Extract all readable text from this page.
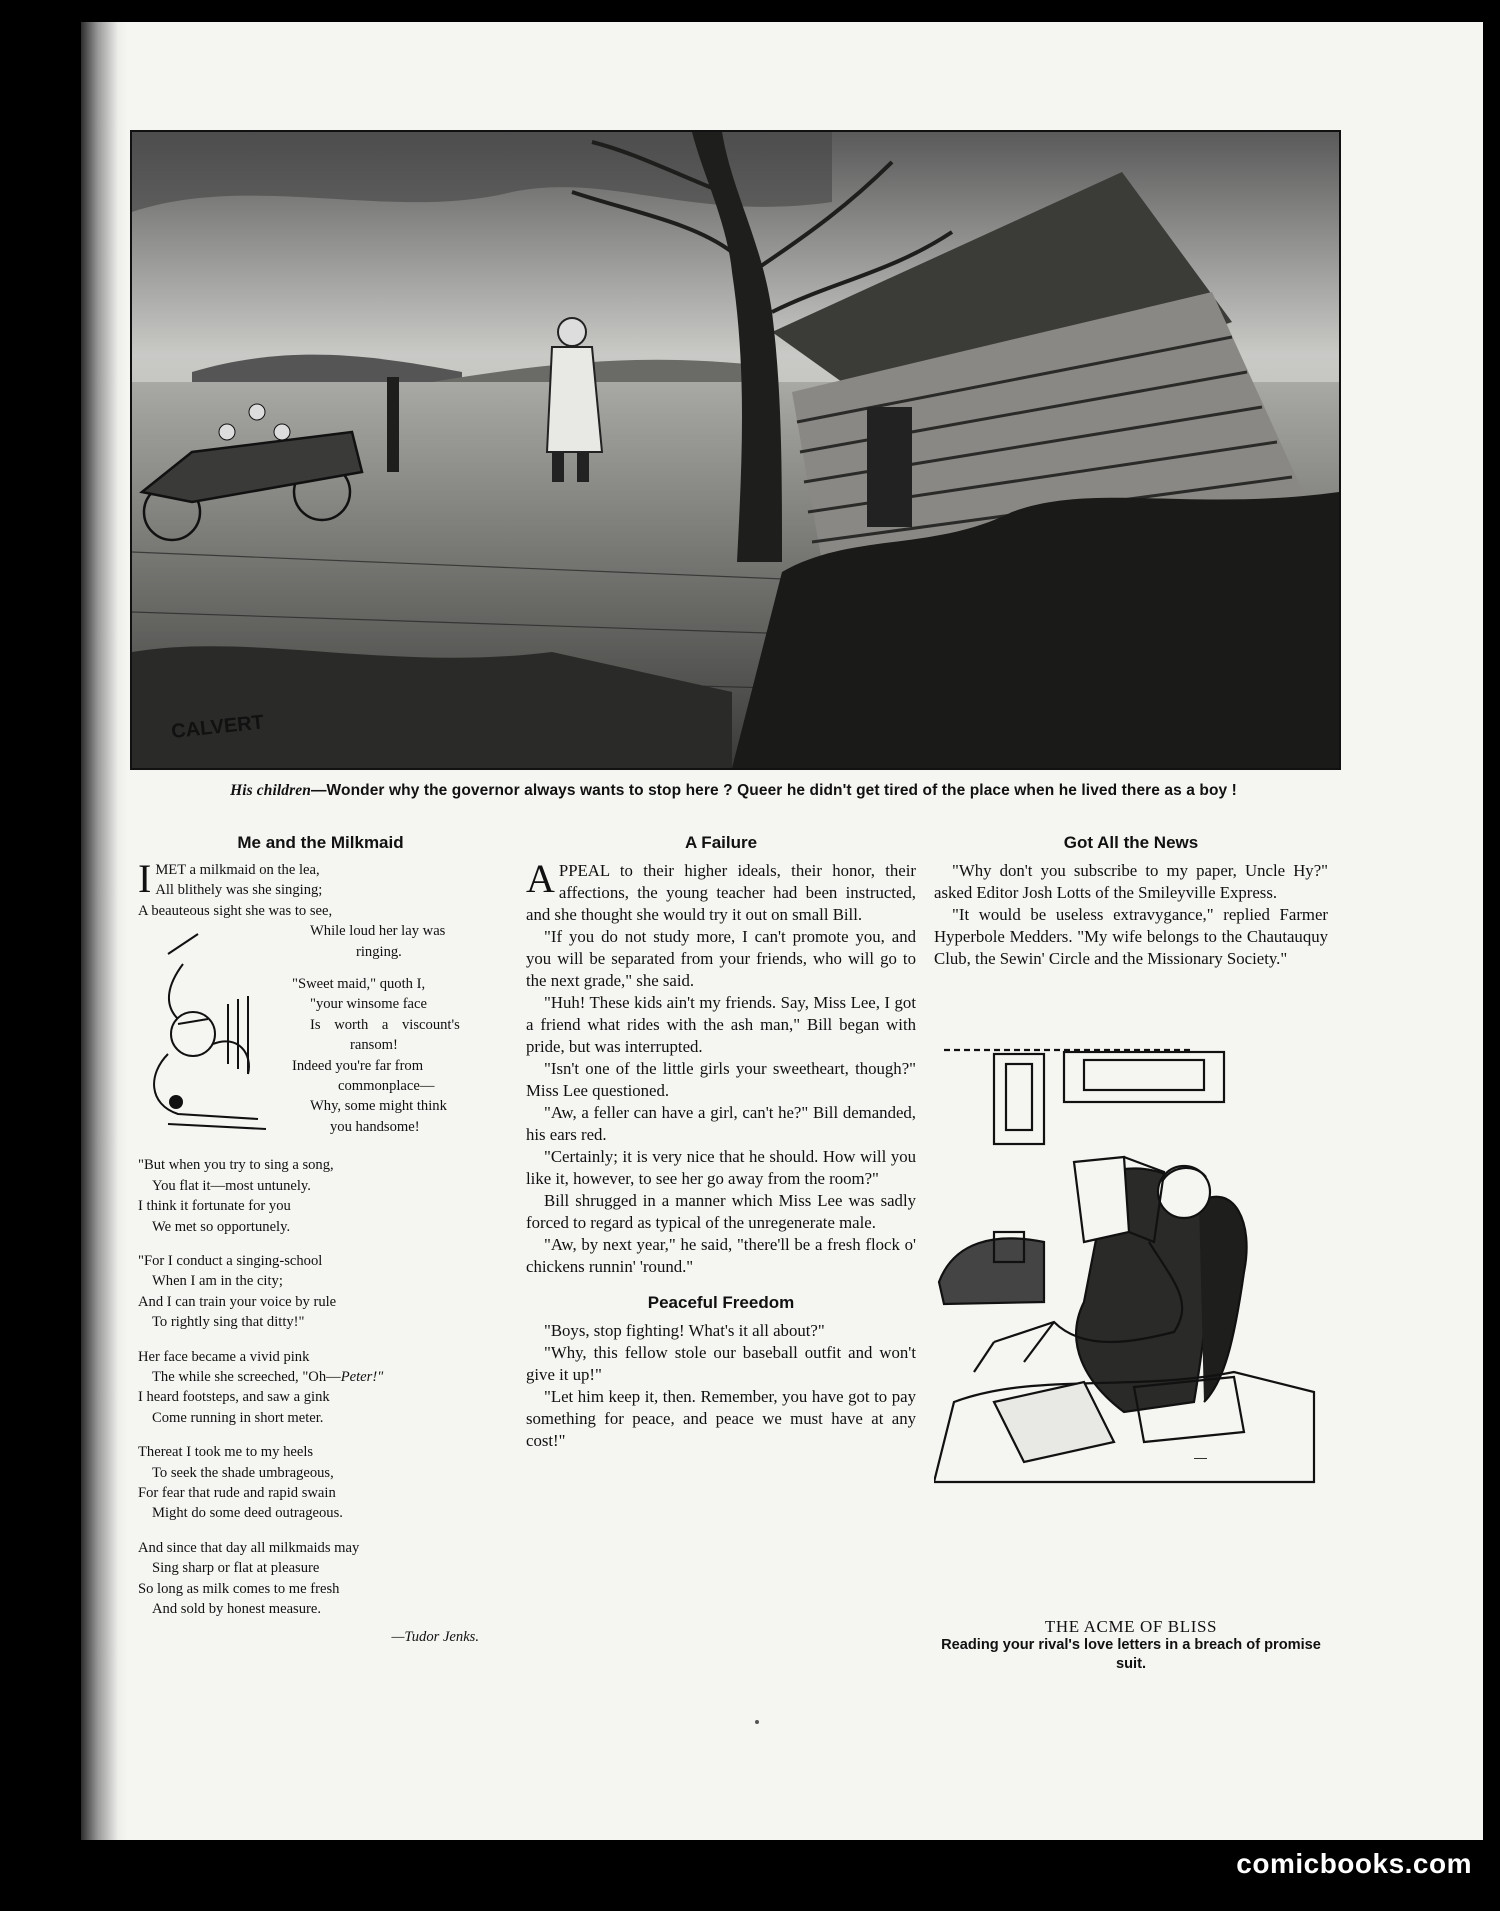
CALVERT
His children—Wonder why the governor always wants to stop here ? Queer he didn't get tired of the place when he lived there as a boy !
Me and the Milkmaid
I MET a milkmaid on the lea,
All blithely was she singing;
A beauteous sight she was to see,
While loud her lay was
ringing.
"Sweet maid," quoth I,
"your winsome face
Is worth a viscount's
ransom!
Indeed you're far from
commonplace—
Why, some might think
you handsome!
"But when you try to sing a song,
You flat it—most untunely.
I think it fortunate for you
We met so opportunely.
"For I conduct a singing-school
When I am in the city;
And I can train your voice by rule
To rightly sing that ditty!"
Her face became a vivid pink
The while she screeched, "Oh—Peter!"
I heard footsteps, and saw a gink
Come running in short meter.
Thereat I took me to my heels
To seek the shade umbrageous,
For fear that rude and rapid swain
Might do some deed outrageous.
And since that day all milkmaids may
Sing sharp or flat at pleasure
So long as milk comes to me fresh
And sold by honest measure.
—Tudor Jenks.
A Failure

APPEAL to their higher ideals, their honor, their affections, the young teacher had been instructed, and she thought she would try it out on small Bill.

"If you do not study more, I can't promote you, and you will be separated from your friends, who will go to the next grade," she said.

"Huh! These kids ain't my friends. Say, Miss Lee, I got a friend what rides with the ash man," Bill began with pride, but was interrupted.

"Isn't one of the little girls your sweetheart, though?" Miss Lee questioned.

"Aw, a feller can have a girl, can't he?" Bill demanded, his ears red.

"Certainly; it is very nice that he should. How will you like it, however, to see her go away from the room?"

Bill shrugged in a manner which Miss Lee was sadly forced to regard as typical of the unregenerate male.

"Aw, by next year," he said, "there'll be a fresh flock o' chickens runnin' 'round."

Peaceful Freedom

"Boys, stop fighting! What's it all about?"

"Why, this fellow stole our baseball outfit and won't give it up!"

"Let him keep it, then. Remember, you have got to pay something for peace, and peace we must have at any cost!"

Got All the News

"Why don't you subscribe to my paper, Uncle Hy?" asked Editor Josh Lotts of the Smileyville Express.

"It would be useless extravygance," replied Farmer Hyperbole Medders. "My wife belongs to the Chautauquy Club, the Sewin' Circle and the Missionary Society."

—
THE ACME OF BLISS
Reading your rival's love letters in a breach of promise suit.
comicbooks.com
